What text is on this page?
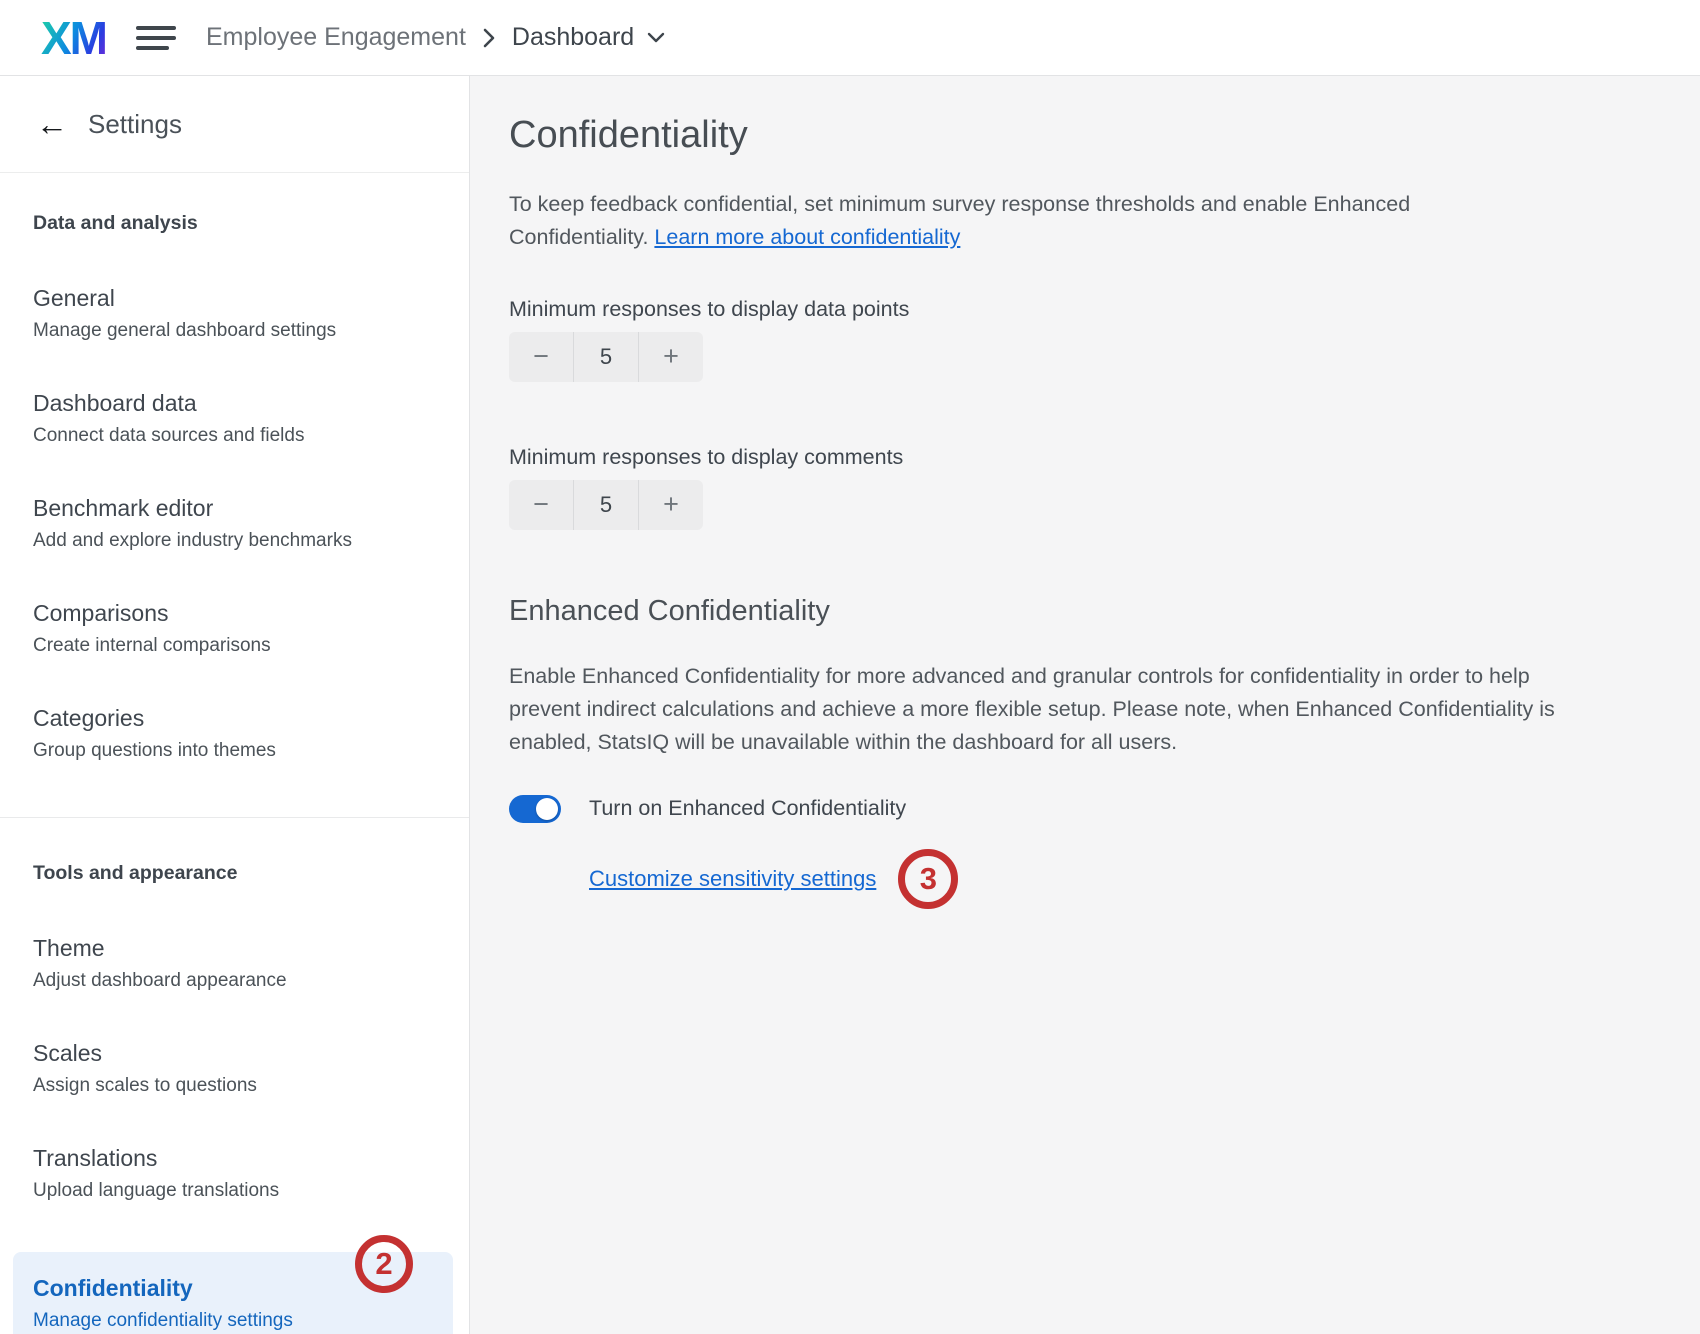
XM	Employee Engagement Dashboard
← Settings
Data and analysis
General
Manage general dashboard settings
Dashboard data
Connect data sources and fields
Benchmark editor
Add and explore industry benchmarks
Comparisons
Create internal comparisons
Categories
Group questions into themes
Tools and appearance
Theme
Adjust dashboard appearance
Scales
Assign scales to questions
Translations
Upload language translations
Confidentiality
Manage confidentiality settings
2
Confidentiality
To keep feedback confidential, set minimum survey response thresholds and enable Enhanced
Confidentiality. Learn more about confidentiality
Minimum responses to display data points
−	5	+
Minimum responses to display comments
−	5	+
Enhanced Confidentiality
Enable Enhanced Confidentiality for more advanced and granular controls for confidentiality in order to help
prevent indirect calculations and achieve a more flexible setup. Please note, when Enhanced Confidentiality is
enabled, StatsIQ will be unavailable within the dashboard for all users.
Turn on Enhanced Confidentiality
Customize sensitivity settings	3
